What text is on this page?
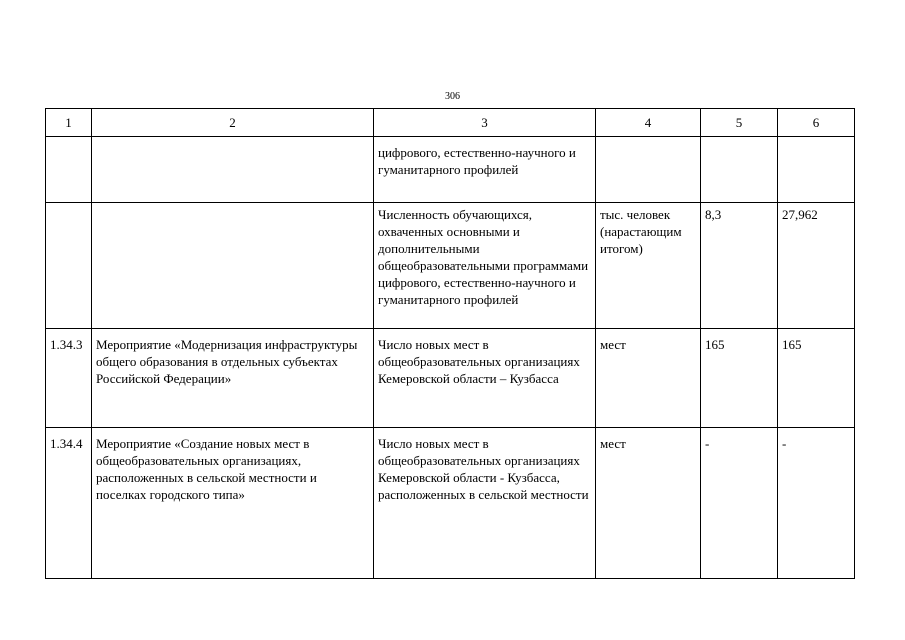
306
1	2	3	4	5	6
		цифрового, естественно-научного и гуманитарного профилей			
		Численность обучающихся, охваченных основными и дополнительными общеобразовательными программами цифрового, естественно-научного и гуманитарного профилей	тыс. человек (нарастающим итогом)	8,3	27,962
1.34.3	Мероприятие «Модернизация инфраструктуры общего образования в отдельных субъектах Российской Федерации»	Число новых мест в общеобразовательных организациях Кемеровской области – Кузбасса	мест	165	165
1.34.4	Мероприятие «Создание новых мест в общеобразовательных организациях, расположенных в сельской местности и поселках городского типа»	Число новых мест в общеобразовательных организациях Кемеровской области - Кузбасса, расположенных в сельской местности	мест	-	-
